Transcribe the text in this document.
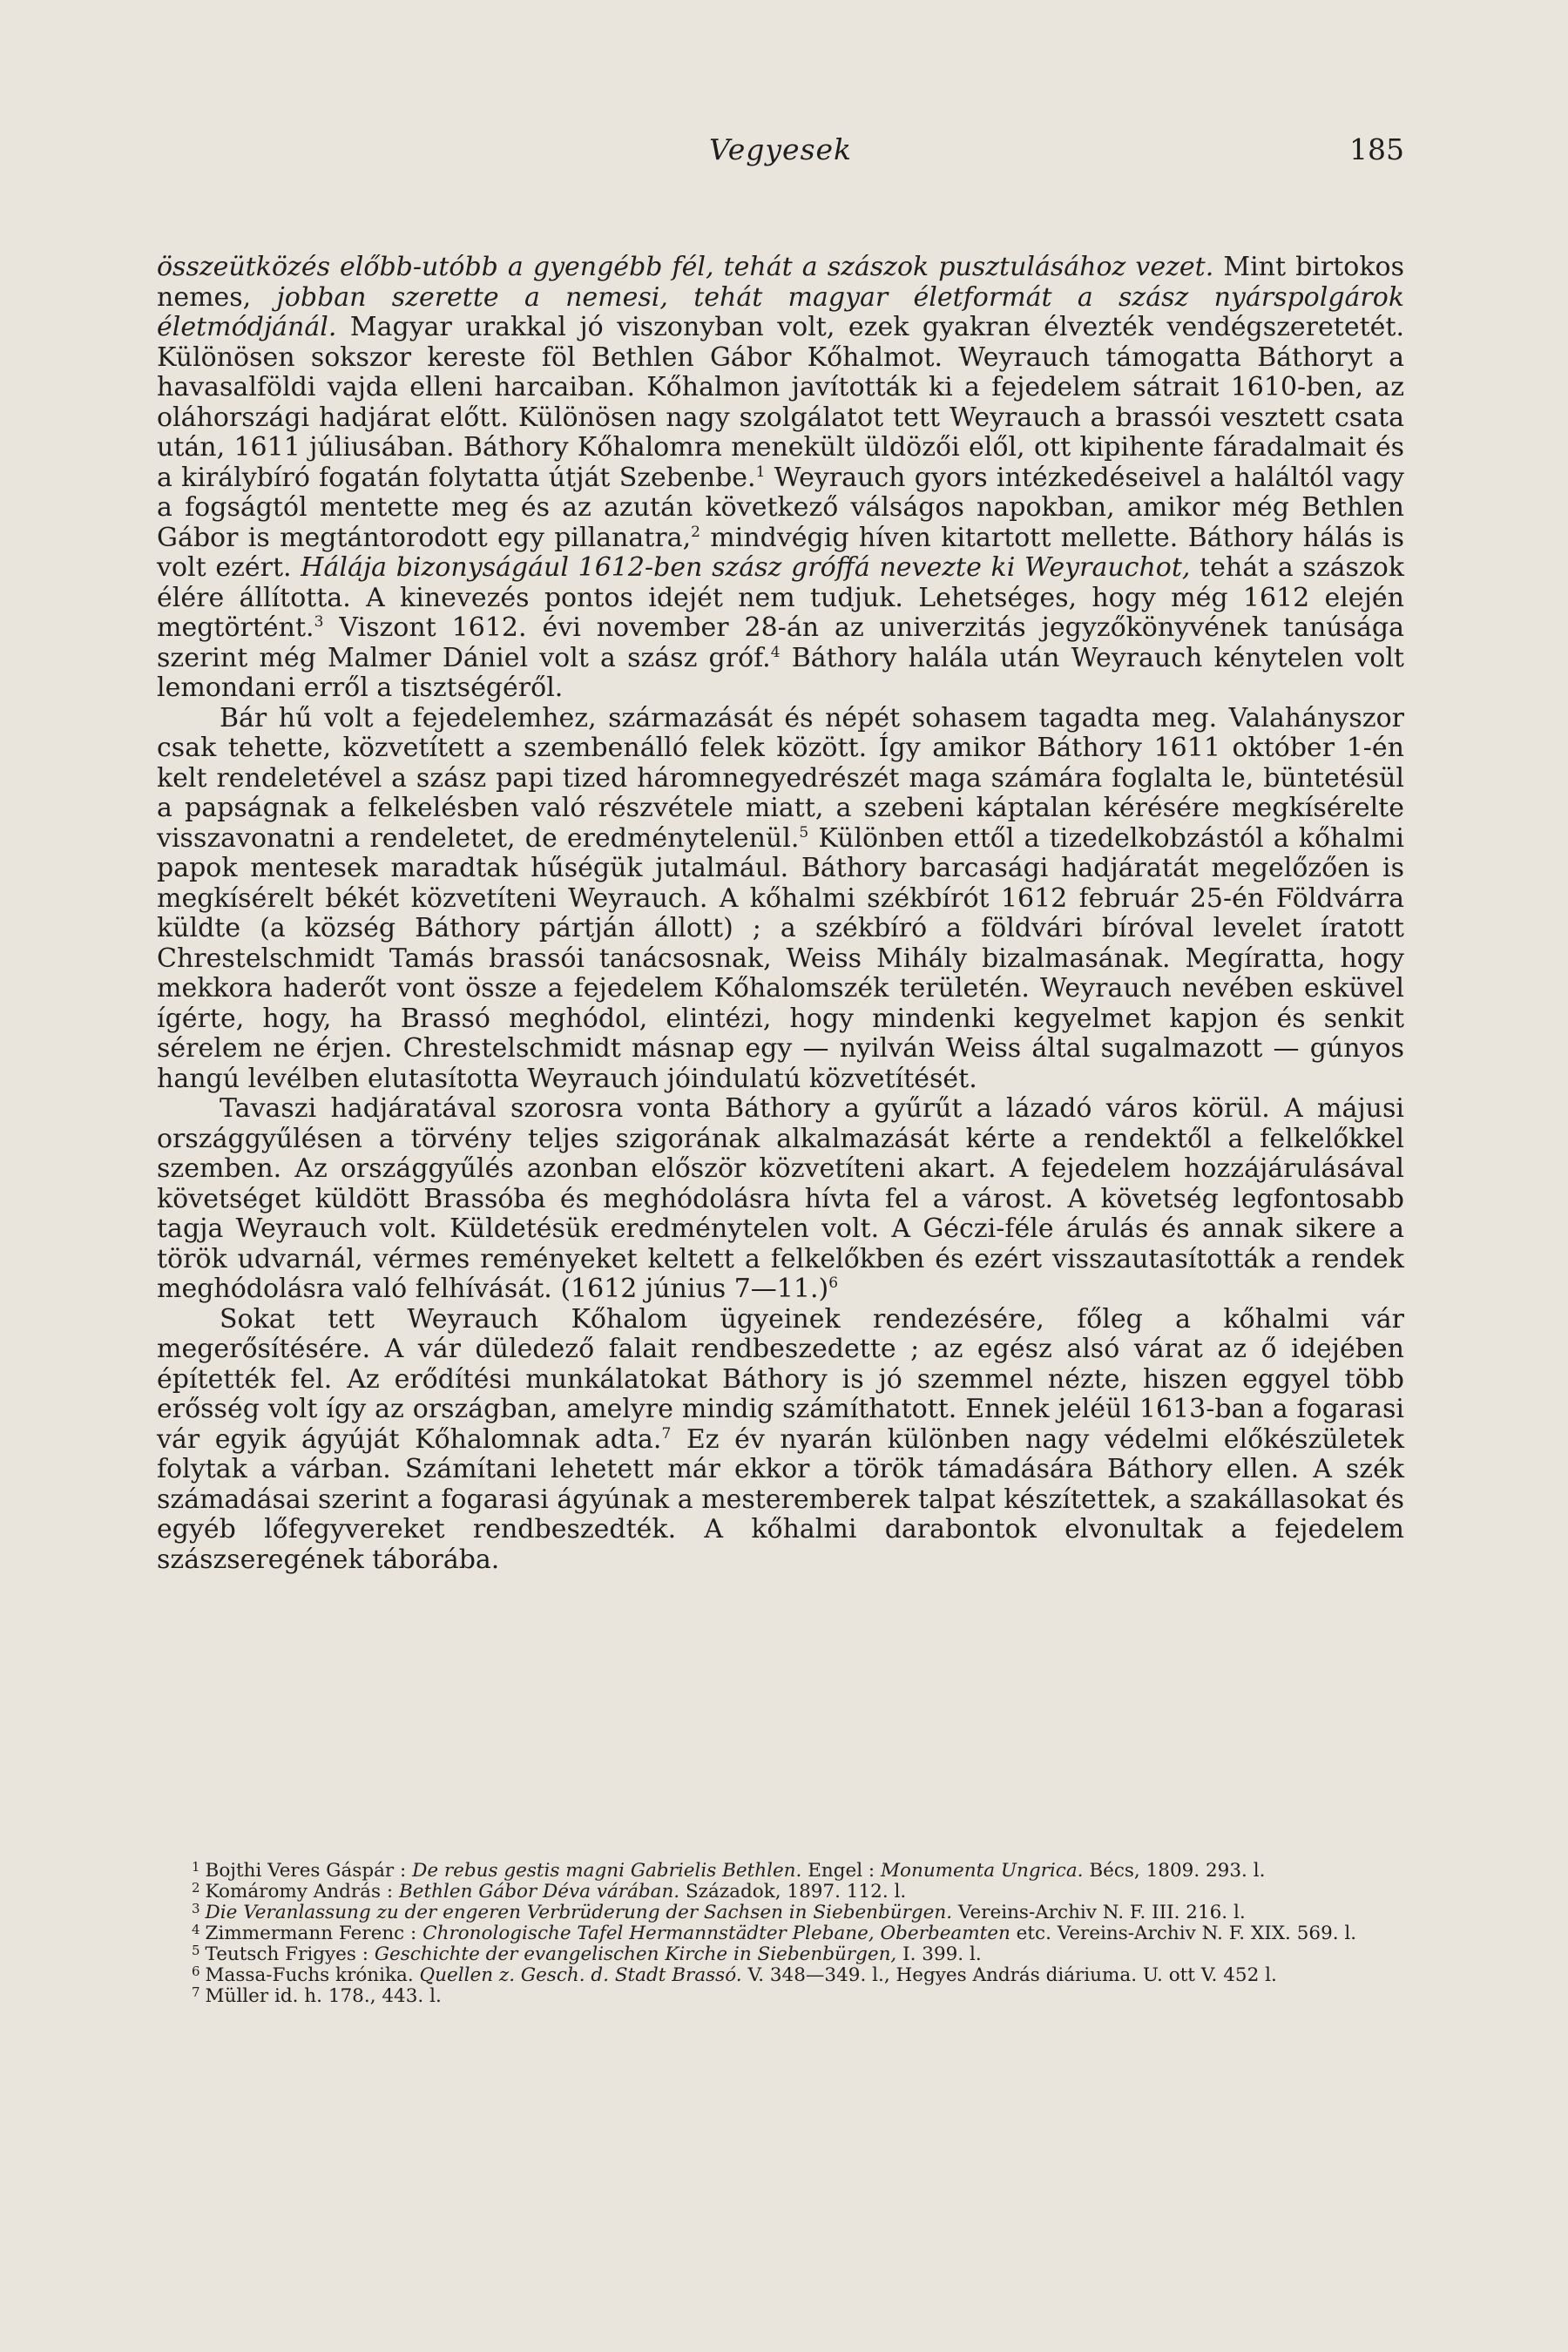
Vegyesek	185

összeütközés előbb-utóbb a gyengébb fél, tehát a szászok pusztulásához vezet. Mint birtokos nemes, jobban szerette a nemesi, tehát magyar életformát a szász nyárspolgárok életmódjánál. Magyar urakkal jó viszonyban volt, ezek gyakran élvezték vendégszeretetét. Különösen sokszor kereste föl Bethlen Gábor Kőhalmot. Weyrauch támogatta Báthoryt a havasalföldi vajda elleni harcaiban. Kőhalmon javították ki a fejedelem sátrait 1610-ben, az oláhországi hadjárat előtt. Különösen nagy szolgálatot tett Weyrauch a brassói vesztett csata után, 1611 júliusában. Báthory Kőhalomra menekült üldözői elől, ott kipihente fáradalmait és a királybíró fogatán folytatta útját Szebenbe.$^1$ Weyrauch gyors intézkedéseivel a haláltól vagy a fogságtól mentette meg és az azután következő válságos napokban, amikor még Bethlen Gábor is megtántorodott egy pillanatra,$^2$ mindvégig híven kitartott mellette. Báthory hálás is volt ezért. Hálája bizonyságául 1612-ben szász gróffá nevezte ki Weyrauchot, tehát a szászok élére állította. A kinevezés pontos idejét nem tudjuk. Lehetséges, hogy még 1612 elején megtörtént.$^3$ Viszont 1612. évi november 28-án az univerzitás jegyzőkönyvének tanúsága szerint még Malmer Dániel volt a szász gróf.$^4$ Báthory halála után Weyrauch kénytelen volt lemondani erről a tisztségéről.

Bár hű volt a fejedelemhez, származását és népét sohasem tagadta meg. Valahányszor csak tehette, közvetített a szembenálló felek között. Így amikor Báthory 1611 október 1-én kelt rendeletével a szász papi tized háromnegyedrészét maga számára foglalta le, büntetésül a papságnak a felkelésben való részvétele miatt, a szebeni káptalan kérésére megkísérelte visszavonatni a rendeletet, de eredménytelenül.$^5$ Különben ettől a tizedelkobzástól a kőhalmi papok mentesek maradtak hűségük jutalmául. Báthory barcasági hadjáratát megelőzően is megkísérelt békét közvetíteni Weyrauch. A kőhalmi székbírót 1612 február 25-én Földvárra küldte (a község Báthory pártján állott) ; a székbíró a földvári bíróval levelet íratott Chrestelschmidt Tamás brassói tanácsosnak, Weiss Mihály bizalmasának. Megíratta, hogy mekkora haderőt vont össze a fejedelem Kőhalomszék területén. Weyrauch nevében esküvel ígérte, hogy, ha Brassó meghódol, elintézi, hogy mindenki kegyelmet kapjon és senkit sérelem ne érjen. Chrestelschmidt másnap egy — nyilván Weiss által sugalmazott — gúnyos hangú levélben elutasította Weyrauch jóindulatú közvetítését.

Tavaszi hadjáratával szorosra vonta Báthory a gyűrűt a lázadó város körül. A májusi országgyűlésen a törvény teljes szigorának alkalmazását kérte a rendektől a felkelőkkel szemben. Az országgyűlés azonban először közvetíteni akart. A fejedelem hozzájárulásával követséget küldött Brassóba és meghódolásra hívta fel a várost. A követség legfontosabb tagja Weyrauch volt. Küldetésük eredménytelen volt. A Géczi-féle árulás és annak sikere a török udvarnál, vérmes reményeket keltett a felkelőkben és ezért visszautasították a rendek meghódolásra való felhívását. (1612 június 7—11.)$^6$

Sokat tett Weyrauch Kőhalom ügyeinek rendezésére, főleg a kőhalmi vár megerősítésére. A vár düledező falait rendbeszedette ; az egész alsó várat az ő idejében építették fel. Az erődítési munkálatokat Báthory is jó szemmel nézte, hiszen eggyel több erősség volt így az országban, amelyre mindig számíthatott. Ennek jeléül 1613-ban a fogarasi vár egyik ágyúját Kőhalomnak adta.$^7$ Ez év nyarán különben nagy védelmi előkészületek folytak a várban. Számítani lehetett már ekkor a török támadására Báthory ellen. A szék számadásai szerint a fogarasi ágyúnak a mesteremberek talpat készítettek, a szakállasokat és egyéb lőfegyvereket rendbeszedték. A kőhalmi darabontok elvonultak a fejedelem szászseregének táborába.

$^1$ Bojthi Veres Gáspár : De rebus gestis magni Gabrielis Bethlen. Engel : Monumenta Ungrica. Bécs, 1809. 293. l.

$^2$ Komáromy András : Bethlen Gábor Déva várában. Századok, 1897. 112. l.

$^3$ Die Veranlassung zu der engeren Verbrüderung der Sachsen in Siebenbürgen. Vereins-Archiv N. F. III. 216. l.

$^4$ Zimmermann Ferenc : Chronologische Tafel Hermannstädter Plebane, Oberbeamten etc. Vereins-Archiv N. F. XIX. 569. l.

$^5$ Teutsch Frigyes : Geschichte der evangelischen Kirche in Siebenbürgen, I. 399. l.

$^6$ Massa-Fuchs krónika. Quellen z. Gesch. d. Stadt Brassó. V. 348—349. l., Hegyes András diáriuma. U. ott V. 452 l.

$^7$ Müller id. h. 178., 443. l.
